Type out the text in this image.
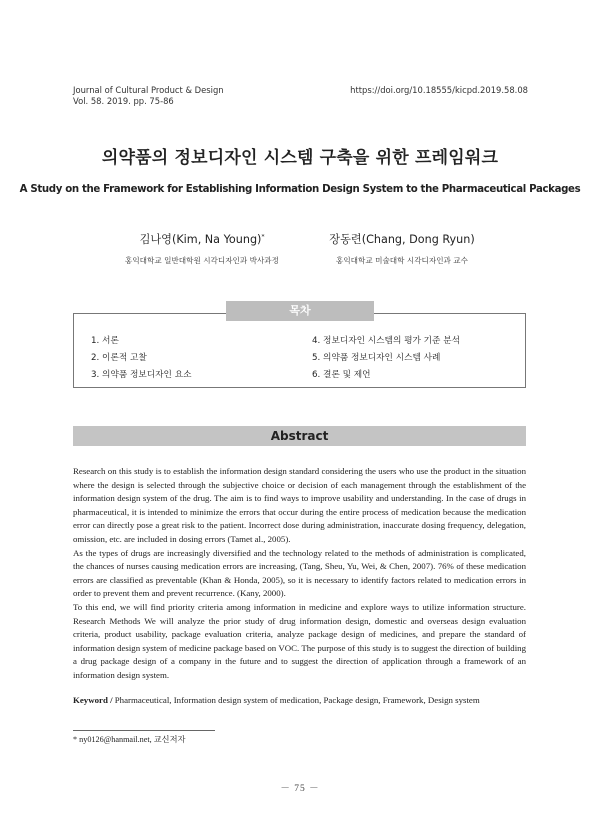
Journal of Cultural Product & Design
Vol. 58. 2019. pp. 75-86
https://doi.org/10.18555/kicpd.2019.58.08
의약품의 정보디자인 시스템 구축을 위한 프레임워크
A Study on the Framework for Establishing Information Design System to the Pharmaceutical Packages
김나영(Kim, Na Young)*
홍익대학교 일반대학원 시각디자인과 박사과정
장동련(Chang, Dong Ryun)
홍익대학교 미술대학 시각디자인과 교수
목차
1. 서론
2. 이론적 고찰
3. 의약품 정보디자인 요소
4. 정보디자인 시스템의 평가 기준 분석
5. 의약품 정보디자인 시스템 사례
6. 결론 및 제언
Abstract

Research on this study is to establish the information design standard considering the users who use the product in the situation where the design is selected through the subjective choice or decision of each management through the establishment of the information design system of the drug. The aim is to find ways to improve usability and understanding. In the case of drugs in pharmaceutical, it is intended to minimize the errors that occur during the entire process of medication because the medication error can directly pose a great risk to the patient. Incorrect dose during administration, inaccurate dosing frequency, delegation, omission, etc. are included in dosing errors (Tamet al., 2005).

As the types of drugs are increasingly diversified and the technology related to the methods of administration is complicated, the chances of nurses causing medication errors are increasing, (Tang, Sheu, Yu, Wei, & Chen, 2007). 76% of these medication errors are classified as preventable (Khan & Honda, 2005), so it is necessary to identify factors related to medication errors in order to prevent them and prevent recurrence. (Kany, 2000).

To this end, we will find priority criteria among information in medicine and explore ways to utilize information structure. Research Methods We will analyze the prior study of drug information design, domestic and overseas design evaluation criteria, product usability, package evaluation criteria, analyze package design of medicines, and prepare the standard of information design system of medicine package based on VOC. The purpose of this study is to suggest the direction of building a drug package design of a company in the future and to suggest the direction of application through a framework of an information design system.

Keyword / Pharmaceutical, Information design system of medication, Package design, Framework, Design system
* ny0126@hanmail.net, 교신저자
－ 75 －
